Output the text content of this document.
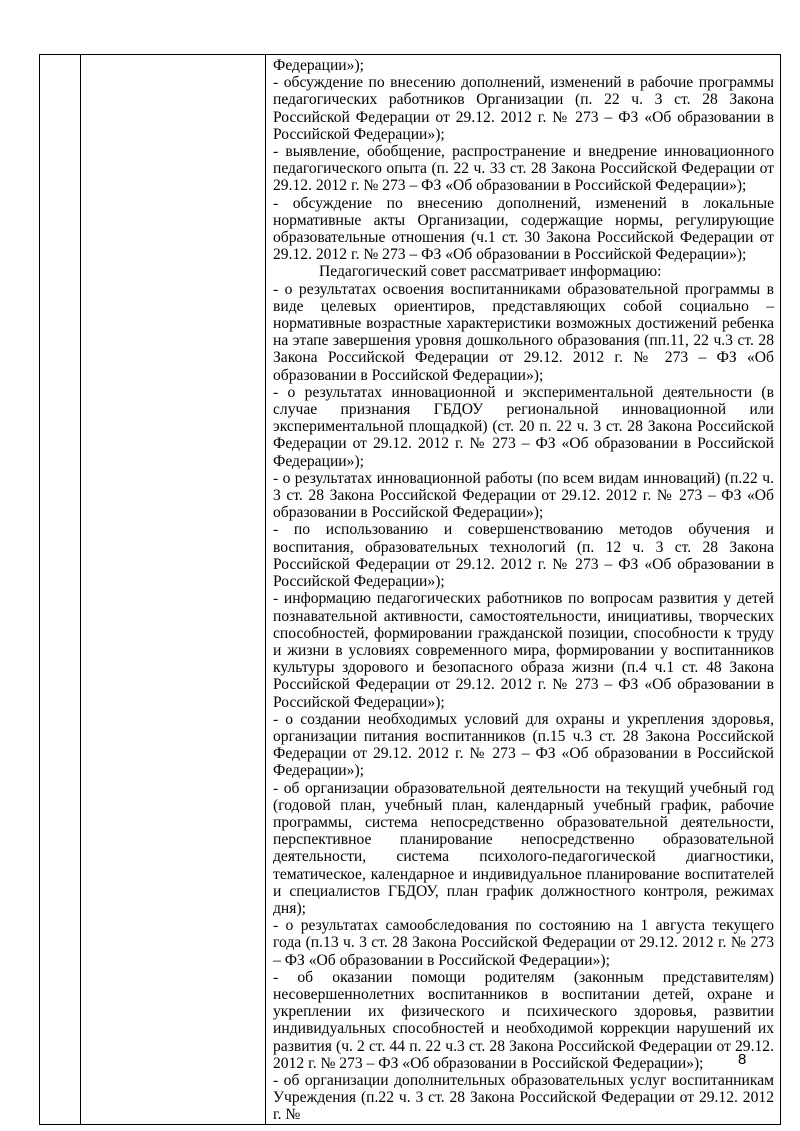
Федерации»);

- обсуждение по внесению дополнений, изменений в рабочие программы педагогических работников Организации (п. 22 ч. 3 ст. 28 Закона Российской Федерации от 29.12. 2012 г. № 273 – ФЗ «Об образовании в Российской Федерации»);

- выявление, обобщение, распространение и внедрение инновационного педагогического опыта (п. 22 ч. 33 ст. 28 Закона Российской Федерации от 29.12. 2012 г. № 273 – ФЗ «Об образовании в Российской Федерации»);

- обсуждение по внесению дополнений, изменений в локальные нормативные акты Организации, содержащие нормы, регулирующие образовательные отношения (ч.1 ст. 30 Закона Российской Федерации от 29.12. 2012 г. № 273 – ФЗ «Об образовании в Российской Федерации»);

Педагогический совет рассматривает информацию:

- о результатах освоения воспитанниками образовательной программы в виде целевых ориентиров, представляющих собой социально – нормативные возрастные характеристики возможных достижений ребенка на этапе завершения уровня дошкольного образования (пп.11, 22 ч.3 ст. 28 Закона Российской Федерации от 29.12. 2012 г. № 273 – ФЗ «Об образовании в Российской Федерации»);

- о результатах инновационной и экспериментальной деятельности (в случае признания ГБДОУ региональной инновационной или экспериментальной площадкой) (ст. 20 п. 22 ч. 3 ст. 28 Закона Российской Федерации от 29.12. 2012 г. № 273 – ФЗ «Об образовании в Российской Федерации»);

- о результатах инновационной работы (по всем видам инноваций) (п.22 ч. 3 ст. 28 Закона Российской Федерации от 29.12. 2012 г. № 273 – ФЗ «Об образовании в Российской Федерации»);

- по использованию и совершенствованию методов обучения и воспитания, образовательных технологий (п. 12 ч. 3 ст. 28 Закона Российской Федерации от 29.12. 2012 г. № 273 – ФЗ «Об образовании в Российской Федерации»);

- информацию педагогических работников по вопросам развития у детей познавательной активности, самостоятельности, инициативы, творческих способностей, формировании гражданской позиции, способности к труду и жизни в условиях современного мира, формировании у воспитанников культуры здорового и безопасного образа жизни (п.4 ч.1 ст. 48 Закона Российской Федерации от 29.12. 2012 г. № 273 – ФЗ «Об образовании в Российской Федерации»);

- о создании необходимых условий для охраны и укрепления здоровья, организации питания воспитанников (п.15 ч.3 ст. 28 Закона Российской Федерации от 29.12. 2012 г. № 273 – ФЗ «Об образовании в Российской Федерации»);

- об организации образовательной деятельности на текущий учебный год (годовой план, учебный план, календарный учебный график, рабочие программы, система непосредственно образовательной деятельности, перспективное планирование непосредственно образовательной деятельности, система психолого-педагогической диагностики, тематическое, календарное и индивидуальное планирование воспитателей и специалистов ГБДОУ, план график должностного контроля, режимах дня);

- о результатах самообследования по состоянию на 1 августа текущего года (п.13 ч. 3 ст. 28 Закона Российской Федерации от 29.12. 2012 г. № 273 – ФЗ «Об образовании в Российской Федерации»);

- об оказании помощи родителям (законным представителям) несовершеннолетних воспитанников в воспитании детей, охране и укреплении их физического и психического здоровья, развитии индивидуальных способностей и необходимой коррекции нарушений их развития (ч. 2 ст. 44 п. 22 ч.3 ст. 28 Закона Российской Федерации от 29.12. 2012 г. № 273 – ФЗ «Об образовании в Российской Федерации»);

- об организации дополнительных образовательных услуг воспитанникам Учреждения (п.22 ч. 3 ст. 28 Закона Российской Федерации от 29.12. 2012 г. №

8
